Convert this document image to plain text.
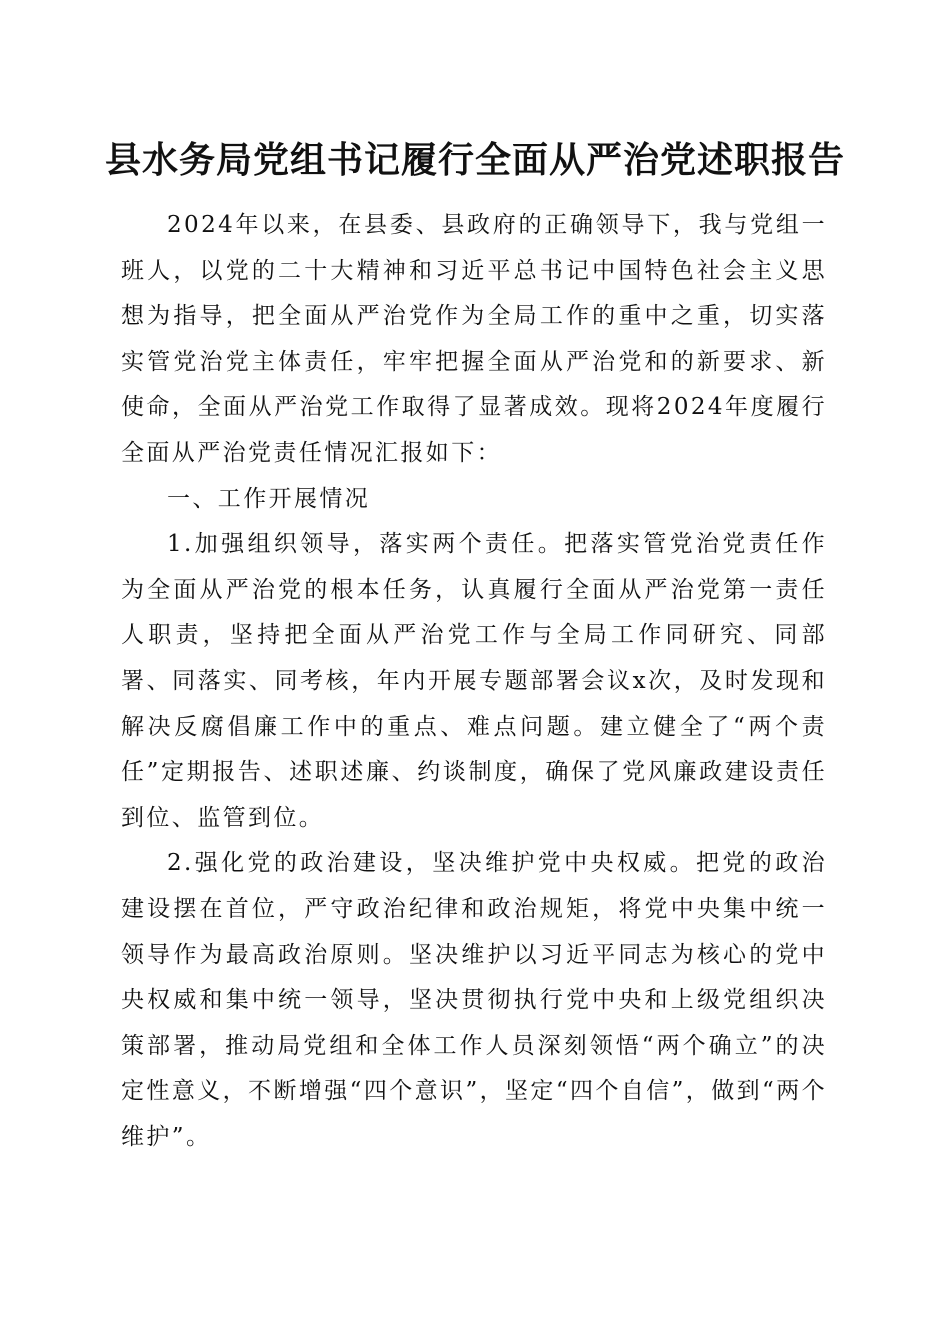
县水务局党组书记履行全面从严治党述职报告

2024年以来，在县委、县政府的正确领导下，我与党组一班人，以党的二十大精神和习近平总书记中国特色社会主义思想为指导，把全面从严治党作为全局工作的重中之重，切实落实管党治党主体责任，牢牢把握全面从严治党和的新要求、新使命，全面从严治党工作取得了显著成效。现将2024年度履行全面从严治党责任情况汇报如下：

一、工作开展情况

1.加强组织领导，落实两个责任。把落实管党治党责任作为全面从严治党的根本任务，认真履行全面从严治党第一责任人职责，坚持把全面从严治党工作与全局工作同研究、同部署、同落实、同考核，年内开展专题部署会议x次，及时发现和解决反腐倡廉工作中的重点、难点问题。建立健全了“两个责任”定期报告、述职述廉、约谈制度，确保了党风廉政建设责任到位、监管到位。

2.强化党的政治建设，坚决维护党中央权威。把党的政治建设摆在首位，严守政治纪律和政治规矩，将党中央集中统一领导作为最高政治原则。坚决维护以习近平同志为核心的党中央权威和集中统一领导，坚决贯彻执行党中央和上级党组织决策部署，推动局党组和全体工作人员深刻领悟“两个确立”的决定性意义，不断增强“四个意识”，坚定“四个自信”，做到“两个维护”。
